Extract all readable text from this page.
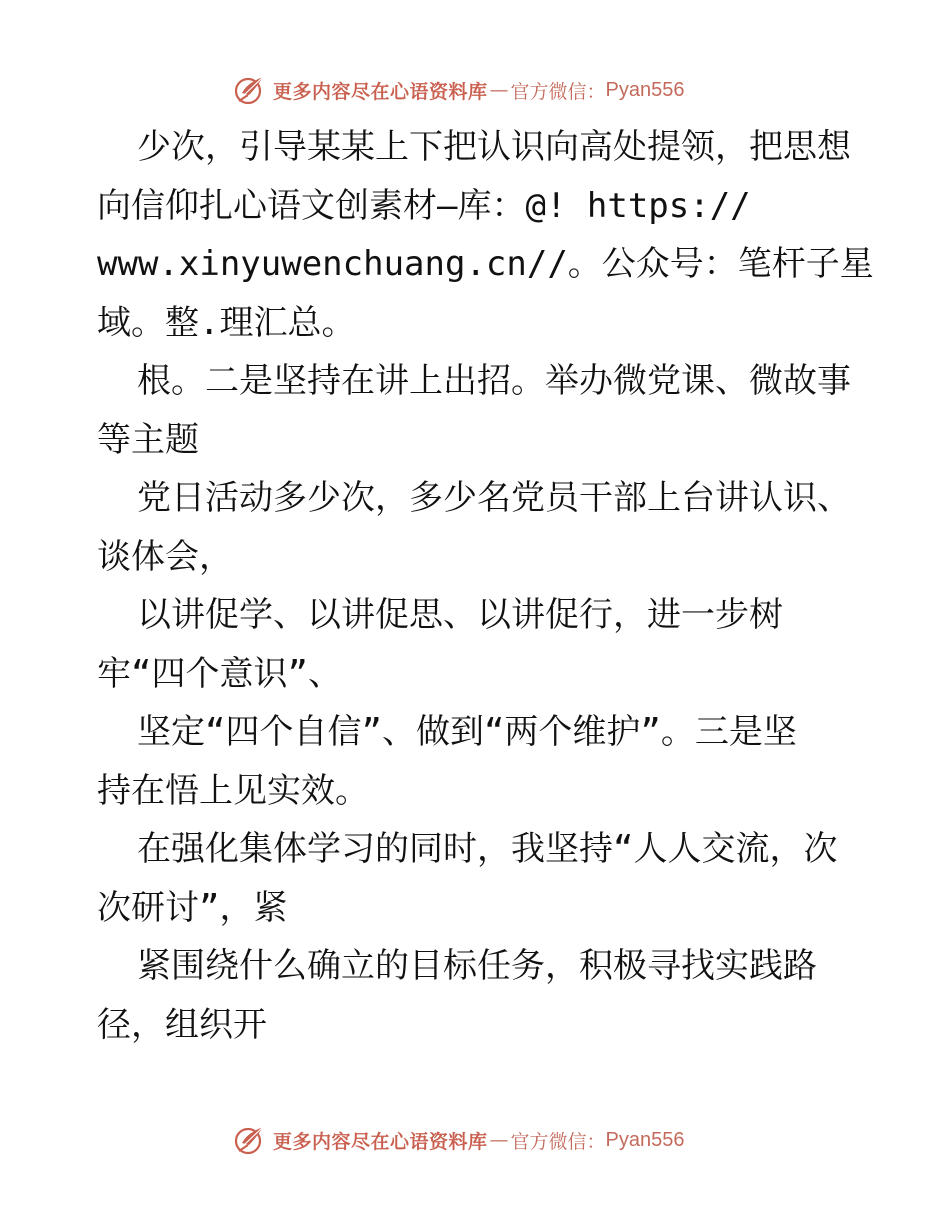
更多内容尽在心语资料库 — 官方微信： Pyan556
少次，引导某某上下把认识向高处提领，把思想
向信仰扎心语文创素材—库：@! https://
www.xinyuwenchuang.cn//。公众号：笔杆子星
域。整.理汇总。
根。二是坚持在讲上出招。举办微党课、微故事
等主题
党日活动多少次，多少名党员干部上台讲认识、
谈体会，
以讲促学、以讲促思、以讲促行，进一步树
牢“四个意识”、
坚定“四个自信”、做到“两个维护”。三是坚
持在悟上见实效。
在强化集体学习的同时，我坚持“人人交流，次
次研讨”，紧
紧围绕什么确立的目标任务，积极寻找实践路
径，组织开
更多内容尽在心语资料库 — 官方微信： Pyan556
